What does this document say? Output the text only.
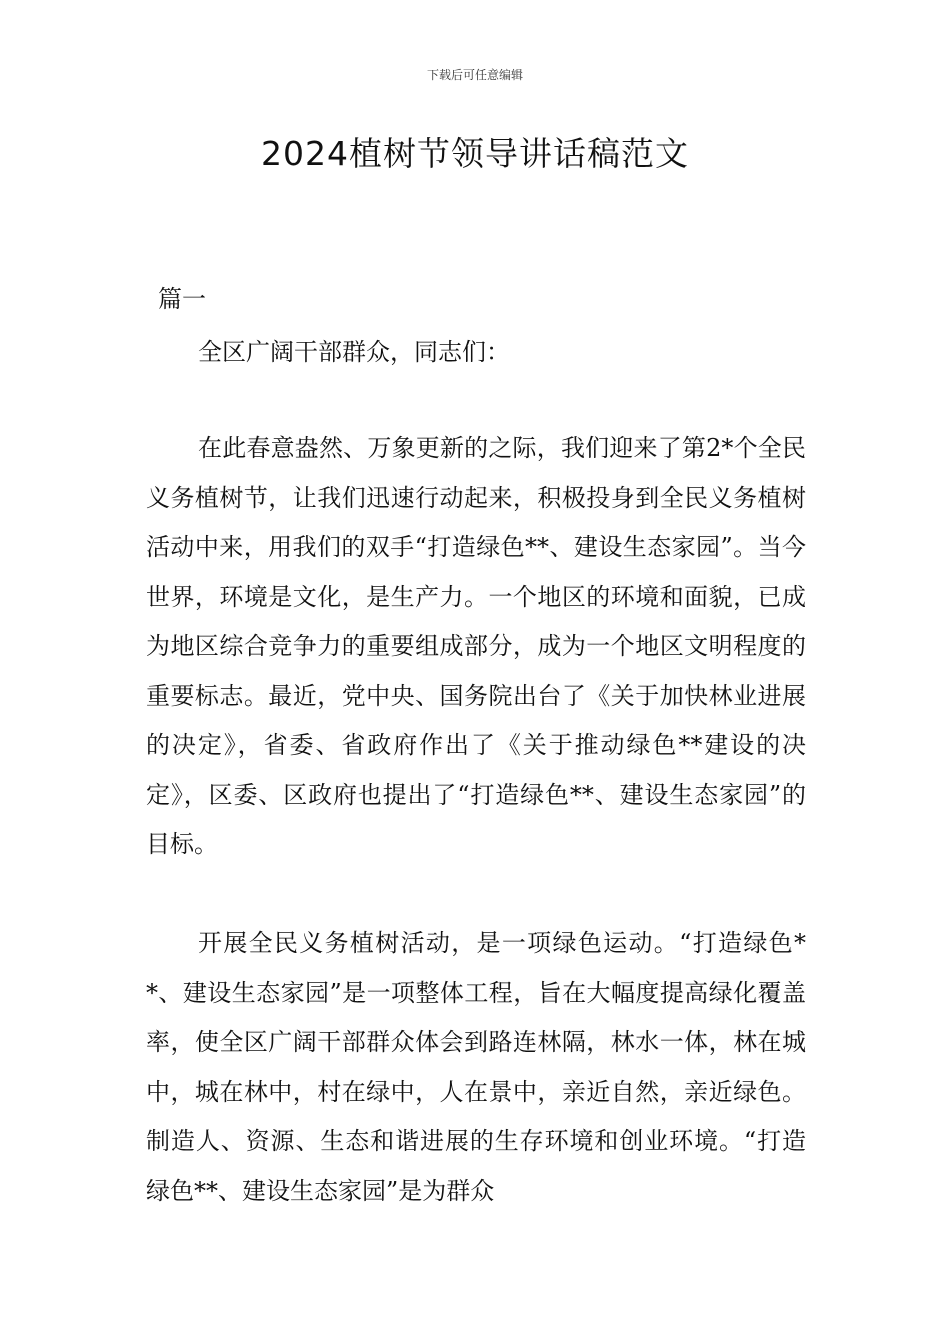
下载后可任意编辑
2024植树节领导讲话稿范文
篇一
全区广阔干部群众，同志们：

在此春意盎然、万象更新的之际，我们迎来了第2*个全民义务植树节，让我们迅速行动起来，积极投身到全民义务植树活动中来，用我们的双手“打造绿色**、建设生态家园”。当今世界，环境是文化，是生产力。一个地区的环境和面貌，已成为地区综合竞争力的重要组成部分，成为一个地区文明程度的重要标志。最近，党中央、国务院出台了《关于加快林业进展的决定》，省委、省政府作出了《关于推动绿色**建设的决定》，区委、区政府也提出了“打造绿色**、建设生态家园”的目标。

开展全民义务植树活动，是一项绿色运动。“打造绿色**、建设生态家园”是一项整体工程，旨在大幅度提高绿化覆盖率，使全区广阔干部群众体会到路连林隔，林水一体，林在城中，城在林中，村在绿中，人在景中，亲近自然，亲近绿色。制造人、资源、生态和谐进展的生存环境和创业环境。“打造绿色**、建设生态家园”是为群众
